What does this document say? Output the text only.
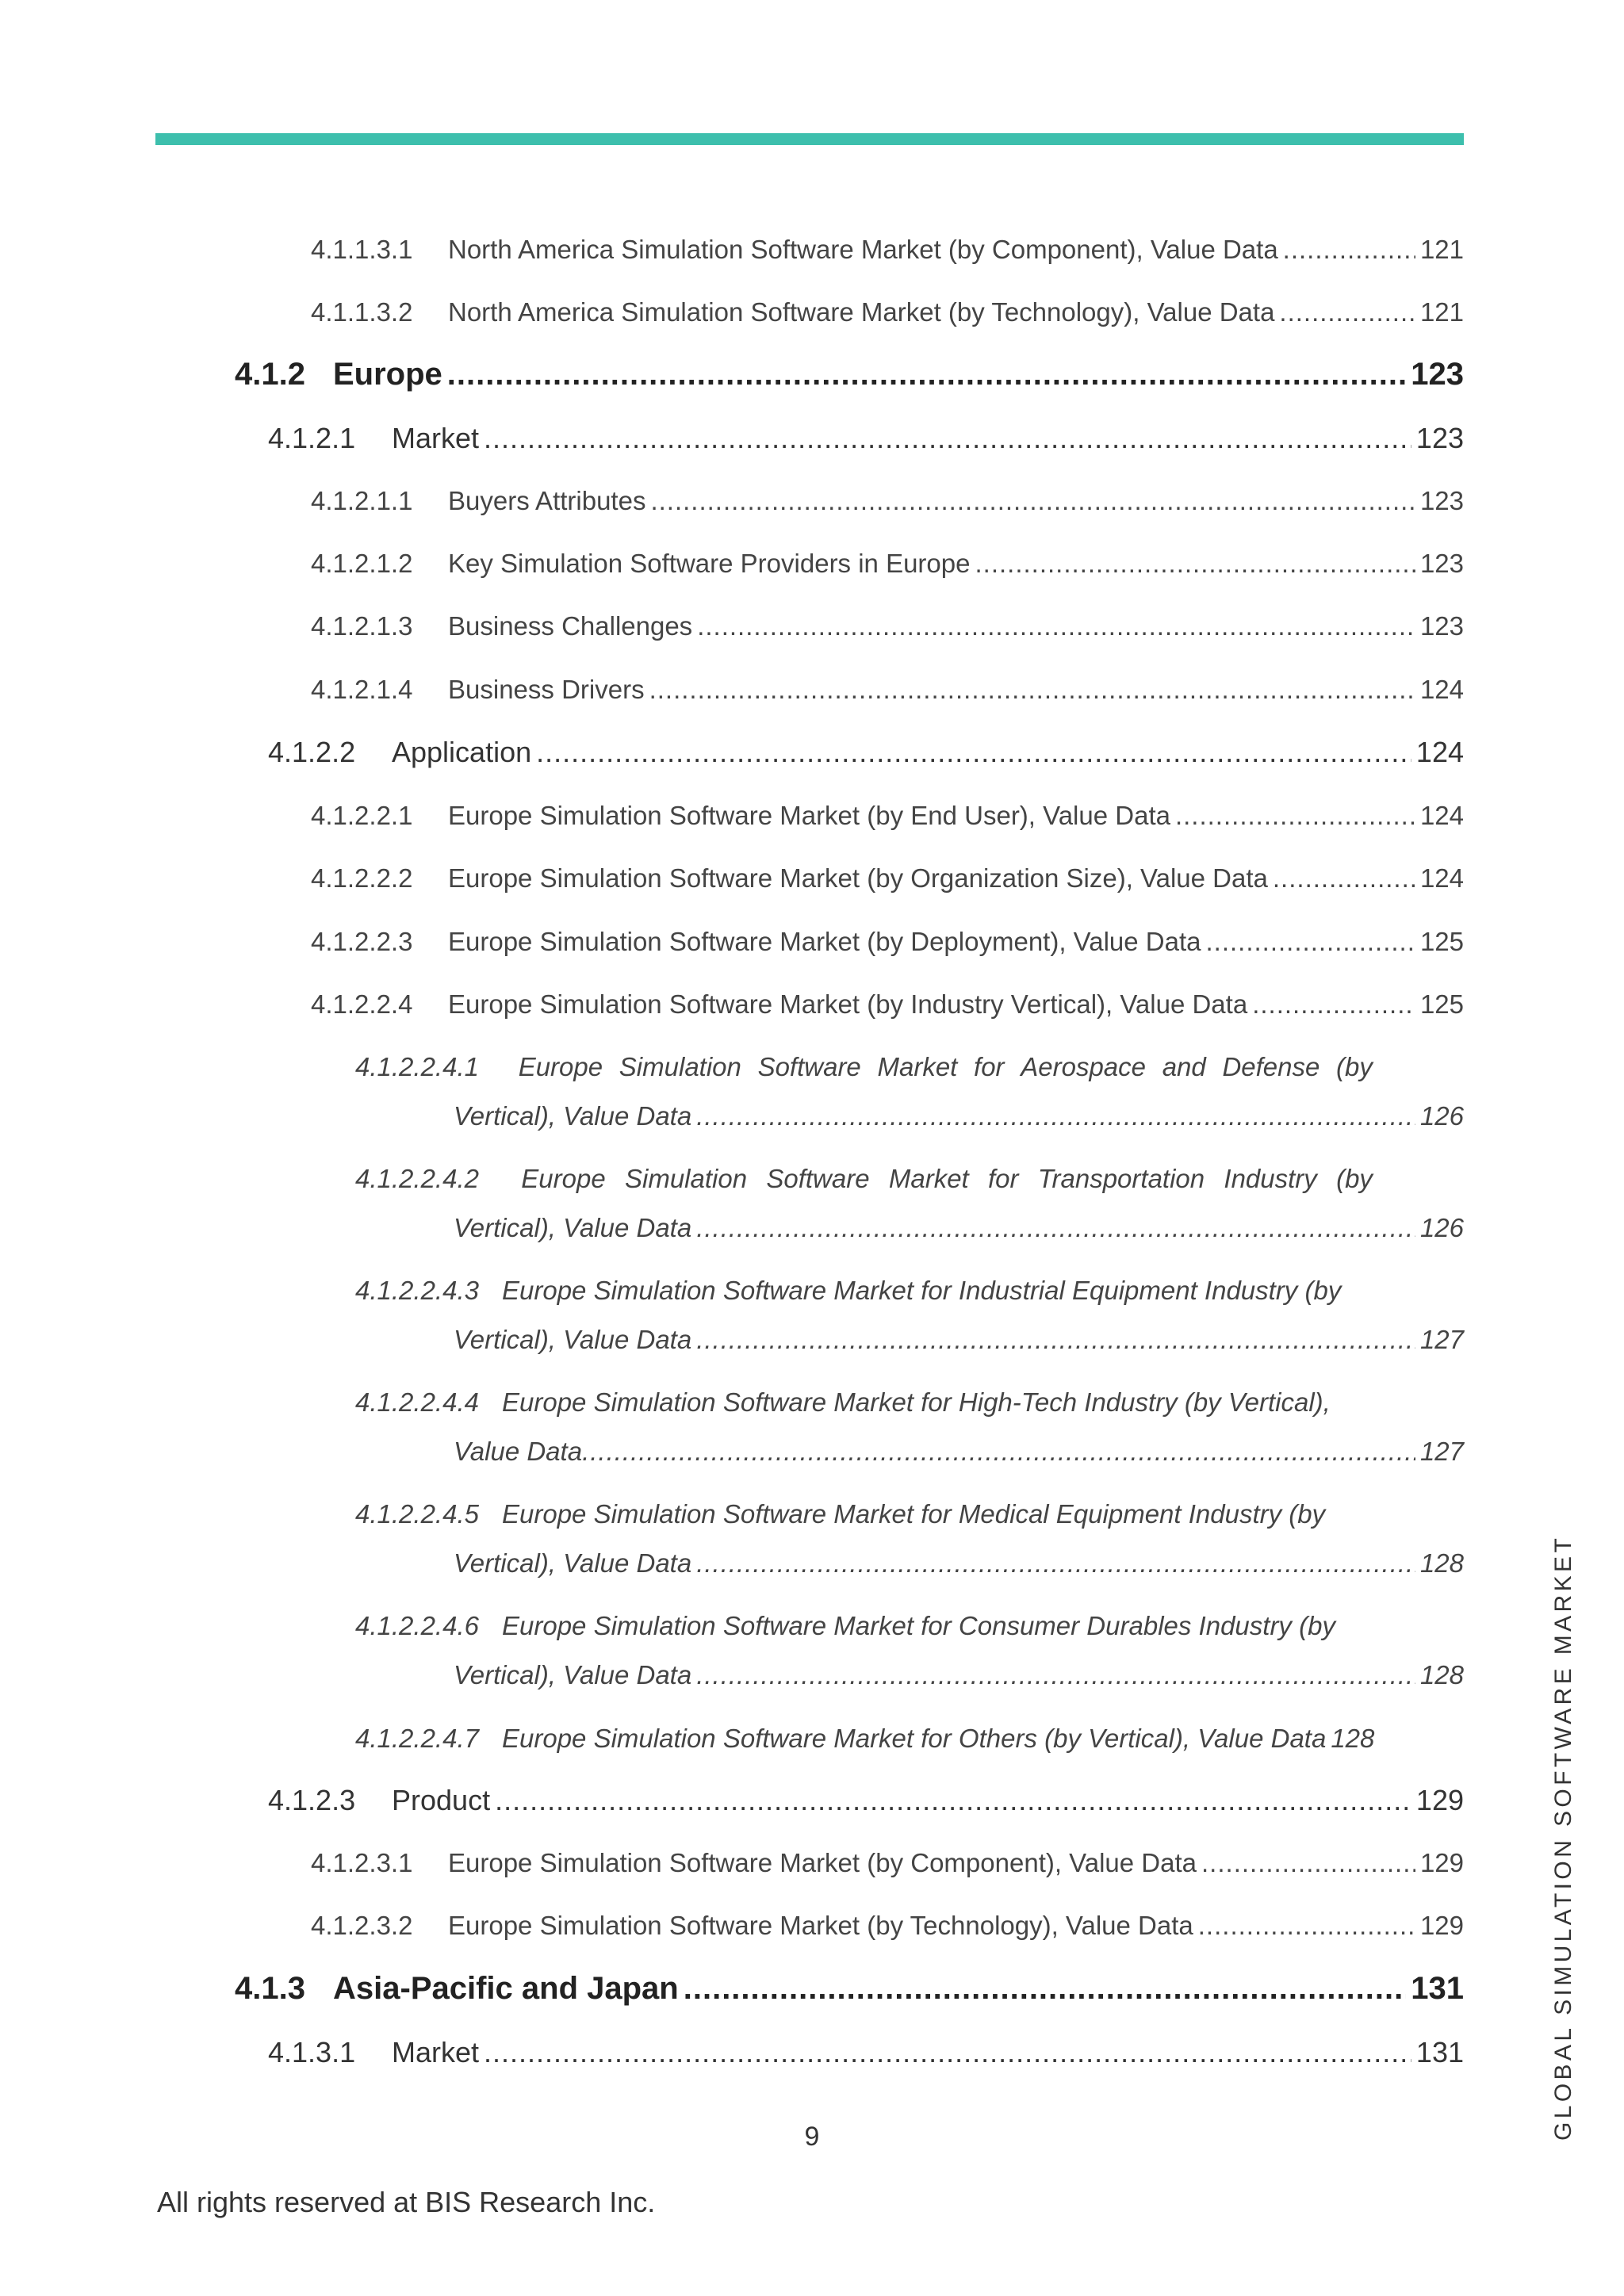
4.1.1.3.1	North America Simulation Software Market (by Component), Value Data .....	121
4.1.1.3.2	North America Simulation Software Market (by Technology), Value Data .....	121
4.1.2 Europe .....	123
4.1.2.1	Market .....	123
4.1.2.1.1	Buyers Attributes .....	123
4.1.2.1.2	Key Simulation Software Providers in Europe .....	123
4.1.2.1.3	Business Challenges .....	123
4.1.2.1.4	Business Drivers .....	124
4.1.2.2	Application .....	124
4.1.2.2.1	Europe Simulation Software Market (by End User), Value Data .....	124
4.1.2.2.2	Europe Simulation Software Market (by Organization Size), Value Data .....	124
4.1.2.2.3	Europe Simulation Software Market (by Deployment), Value Data .....	125
4.1.2.2.4	Europe Simulation Software Market (by Industry Vertical), Value Data .....	125
4.1.2.2.4.1	Europe Simulation Software Market for Aerospace and Defense (by
Vertical), Value Data .....	126
4.1.2.2.4.2	Europe Simulation Software Market for Transportation Industry (by
Vertical), Value Data .....	126
4.1.2.2.4.3 Europe Simulation Software Market for Industrial Equipment Industry (by
Vertical), Value Data .....	127
4.1.2.2.4.4 Europe Simulation Software Market for High-Tech Industry (by Vertical),
Value Data .....	127
4.1.2.2.4.5 Europe Simulation Software Market for Medical Equipment Industry (by
Vertical), Value Data .....	128
4.1.2.2.4.6 Europe Simulation Software Market for Consumer Durables Industry (by
Vertical), Value Data .....	128
4.1.2.2.4.7 Europe Simulation Software Market for Others (by Vertical), Value Data 128
4.1.2.3	Product .....	129
4.1.2.3.1	Europe Simulation Software Market (by Component), Value Data .....	129
4.1.2.3.2	Europe Simulation Software Market (by Technology), Value Data .....	129
4.1.3 Asia-Pacific and Japan .....	131
4.1.3.1	Market .....	131
9
All rights reserved at BIS Research Inc.
GLOBAL SIMULATION SOFTWARE MARKET
